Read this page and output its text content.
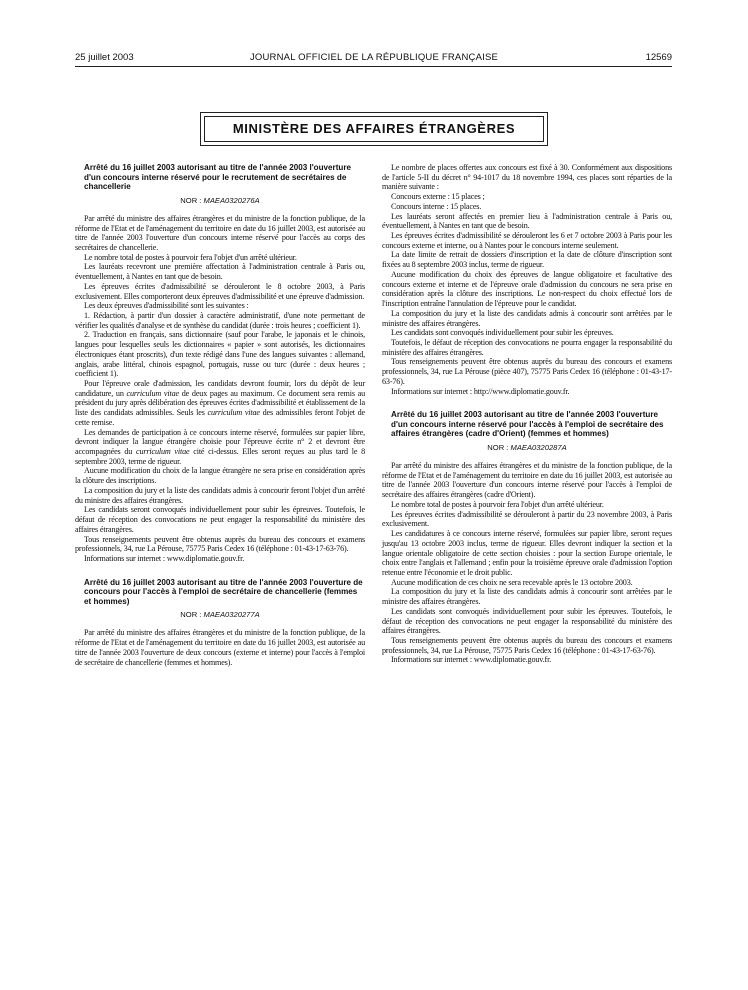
25 juillet 2003	JOURNAL OFFICIEL DE LA RÉPUBLIQUE FRANÇAISE	12569
MINISTÈRE DES AFFAIRES ÉTRANGÈRES

Arrêté du 16 juillet 2003 autorisant au titre de l'année 2003 l'ouverture d'un concours interne réservé pour le recrutement de secrétaires de chancellerie

NOR : MAEA0320276A

Par arrêté du ministre des affaires étrangères et du ministre de la fonction publique, de la réforme de l'Etat et de l'aménagement du territoire en date du 16 juillet 2003, est autorisée au titre de l'année 2003 l'ouverture d'un concours interne réservé pour l'accès au corps des secrétaires de chancellerie.

Le nombre total de postes à pourvoir fera l'objet d'un arrêté ultérieur.

Les lauréats recevront une première affectation à l'administration centrale à Paris ou, éventuellement, à Nantes en tant que de besoin.

Les épreuves écrites d'admissibilité se dérouleront le 8 octobre 2003, à Paris exclusivement. Elles comporteront deux épreuves d'admissibilité et une épreuve d'admission.

Les deux épreuves d'admissibilité sont les suivantes :

1. Rédaction, à partir d'un dossier à caractère administratif, d'une note permettant de vérifier les qualités d'analyse et de synthèse du candidat (durée : trois heures ; coefficient 1).

2. Traduction en français, sans dictionnaire (sauf pour l'arabe, le japonais et le chinois, langues pour lesquelles seuls les dictionnaires « papier » sont autorisés, les dictionnaires électroniques étant proscrits), d'un texte rédigé dans l'une des langues suivantes : allemand, anglais, arabe littéral, chinois espagnol, portugais, russe ou turc (durée : deux heures ; coefficient 1).

Pour l'épreuve orale d'admission, les candidats devront fournir, lors du dépôt de leur candidature, un curriculum vitae de deux pages au maximum. Ce document sera remis au président du jury après délibération des épreuves écrites d'admissibilité et établissement de la liste des candidats admissibles. Seuls les curriculum vitae des admissibles feront l'objet de cette remise.

Les demandes de participation à ce concours interne réservé, formulées sur papier libre, devront indiquer la langue étrangère choisie pour l'épreuve écrite n° 2 et devront être accompagnées du curriculum vitae cité ci-dessus. Elles seront reçues au plus tard le 8 septembre 2003, terme de rigueur.

Aucune modification du choix de la langue étrangère ne sera prise en considération après la clôture des inscriptions.

La composition du jury et la liste des candidats admis à concourir feront l'objet d'un arrêté du ministre des affaires étrangères.

Les candidats seront convoqués individuellement pour subir les épreuves. Toutefois, le défaut de réception des convocations ne peut engager la responsabilité du ministère des affaires étrangères.

Tous renseignements peuvent être obtenus auprès du bureau des concours et examens professionnels, 34, rue La Pérouse, 75775 Paris Cedex 16 (téléphone : 01-43-17-63-76).

Informations sur internet : www.diplomatie.gouv.fr.

Arrêté du 16 juillet 2003 autorisant au titre de l'année 2003 l'ouverture de concours pour l'accès à l'emploi de secrétaire de chancellerie (femmes et hommes)

NOR : MAEA0320277A

Par arrêté du ministre des affaires étrangères et du ministre de la fonction publique, de la réforme de l'Etat et de l'aménagement du territoire en date du 16 juillet 2003, est autorisée au titre de l'année 2003 l'ouverture de deux concours (externe et interne) pour l'accès à l'emploi de secrétaire de chancellerie (femmes et hommes).

Le nombre de places offertes aux concours est fixé à 30. Conformément aux dispositions de l'article 5-II du décret n° 94-1017 du 18 novembre 1994, ces places sont réparties de la manière suivante :

Concours externe : 15 places ;

Concours interne : 15 places.

Les lauréats seront affectés en premier lieu à l'administration centrale à Paris ou, éventuellement, à Nantes en tant que de besoin.

Les épreuves écrites d'admissibilité se dérouleront les 6 et 7 octobre 2003 à Paris pour les concours externe et interne, ou à Nantes pour le concours interne seulement.

La date limite de retrait de dossiers d'inscription et la date de clôture d'inscription sont fixées au 8 septembre 2003 inclus, terme de rigueur.

Aucune modification du choix des épreuves de langue obligatoire et facultative des concours externe et interne et de l'épreuve orale d'admission du concours ne sera prise en considération après la clôture des inscriptions. Le non-respect du choix effectué lors de l'inscription entraîne l'annulation de l'épreuve pour le candidat.

La composition du jury et la liste des candidats admis à concourir sont arrêtées par le ministre des affaires étrangères.

Les candidats sont convoqués individuellement pour subir les épreuves.

Toutefois, le défaut de réception des convocations ne pourra engager la responsabilité du ministère des affaires étrangères.

Tous renseignements peuvent être obtenus auprès du bureau des concours et examens professionnels, 34, rue La Pérouse (pièce 407), 75775 Paris Cedex 16 (téléphone : 01-43-17-63-76).

Informations sur internet : http://www.diplomatie.gouv.fr.

Arrêté du 16 juillet 2003 autorisant au titre de l'année 2003 l'ouverture d'un concours interne réservé pour l'accès à l'emploi de secrétaire des affaires étrangères (cadre d'Orient) (femmes et hommes)

NOR : MAEA0320287A

Par arrêté du ministre des affaires étrangères et du ministre de la fonction publique, de la réforme de l'Etat et de l'aménagement du territoire en date du 16 juillet 2003, est autorisée au titre de l'année 2003 l'ouverture d'un concours interne réservé pour l'accès à l'emploi de secrétaire des affaires étrangères (cadre d'Orient).

Le nombre total de postes à pourvoir fera l'objet d'un arrêté ultérieur.

Les épreuves écrites d'admissibilité se dérouleront à partir du 23 novembre 2003, à Paris exclusivement.

Les candidatures à ce concours interne réservé, formulées sur papier libre, seront reçues jusqu'au 13 octobre 2003 inclus, terme de rigueur. Elles devront indiquer la section et la langue orientale obligatoire de cette section choisies : pour la section Europe orientale, le choix entre l'anglais et l'allemand ; enfin pour la troisième épreuve orale d'admission l'option retenue entre l'économie et le droit public.

Aucune modification de ces choix ne sera recevable après le 13 octobre 2003.

La composition du jury et la liste des candidats admis à concourir sont arrêtées par le ministre des affaires étrangères.

Les candidats sont convoqués individuellement pour subir les épreuves. Toutefois, le défaut de réception des convocations ne peut engager la responsabilité du ministère des affaires étrangères.

Tous renseignements peuvent être obtenus auprès du bureau des concours et examens professionnels, 34, rue La Pérouse, 75775 Paris Cedex 16 (téléphone : 01-43-17-63-76).

Informations sur internet : www.diplomatie.gouv.fr.
